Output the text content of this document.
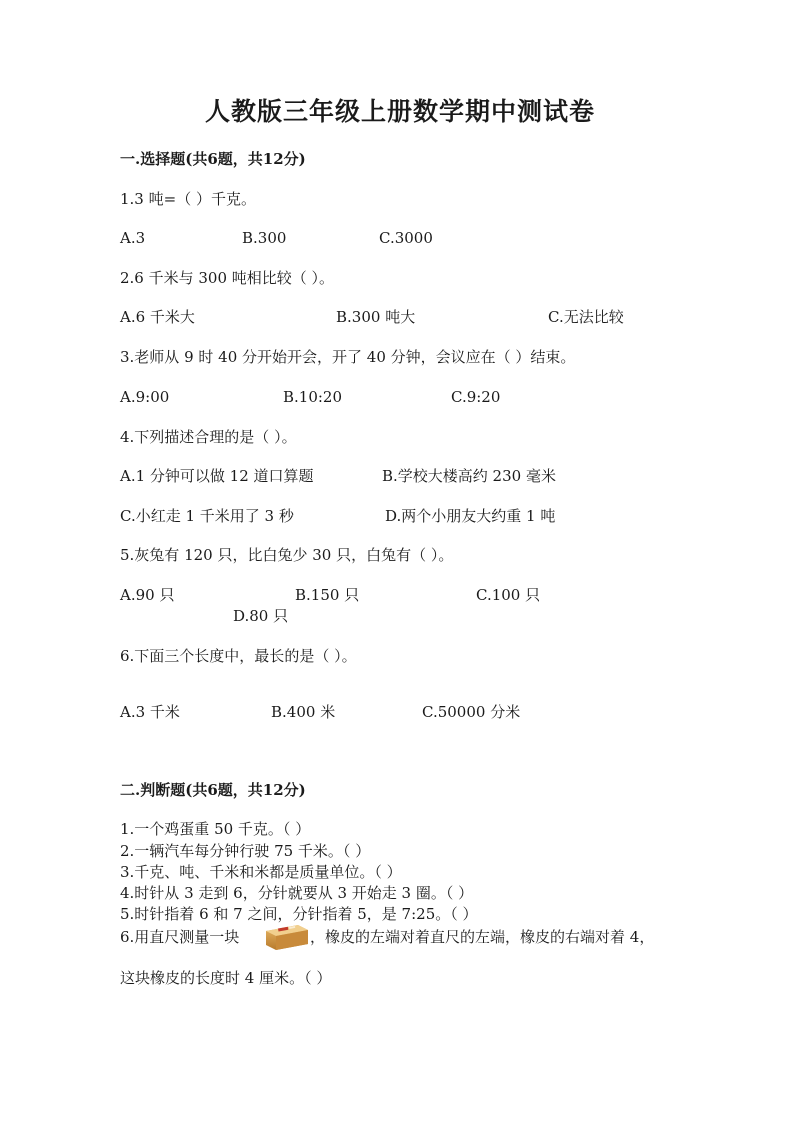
人教版三年级上册数学期中测试卷
一.选择题(共6题，共12分)
1.3 吨=（ ）千克。
A.3	B.300	C.3000
2.6 千米与 300 吨相比较（ ）。
A.6 千米大	B.300 吨大	C.无法比较
3.老师从 9 时 40 分开始开会，开了 40 分钟，会议应在（ ）结束。
A.9:00	B.10:20	C.9:20
4.下列描述合理的是（ ）。
A.1 分钟可以做 12 道口算题	B.学校大楼高约 230 毫米
C.小红走 1 千米用了 3 秒	D.两个小朋友大约重 1 吨
5.灰兔有 120 只，比白兔少 30 只，白兔有（ ）。
A.90 只	B.150 只	C.100 只
D.80 只
6.下面三个长度中，最长的是（ ）。
A.3 千米	B.400 米	C.50000 分米
二.判断题(共6题，共12分)
1.一个鸡蛋重 50 千克。（ ）
2.一辆汽车每分钟行驶 75 千米。（ ）
3.千克、吨、千米和米都是质量单位。（ ）
4.时针从 3 走到 6，分针就要从 3 开始走 3 圈。（ ）
5.时针指着 6 和 7 之间，分针指着 5，是 7:25。（ ）
6.用直尺测量一块	，橡皮的左端对着直尺的左端，橡皮的右端对着 4，
这块橡皮的长度时 4 厘米。（ ）
